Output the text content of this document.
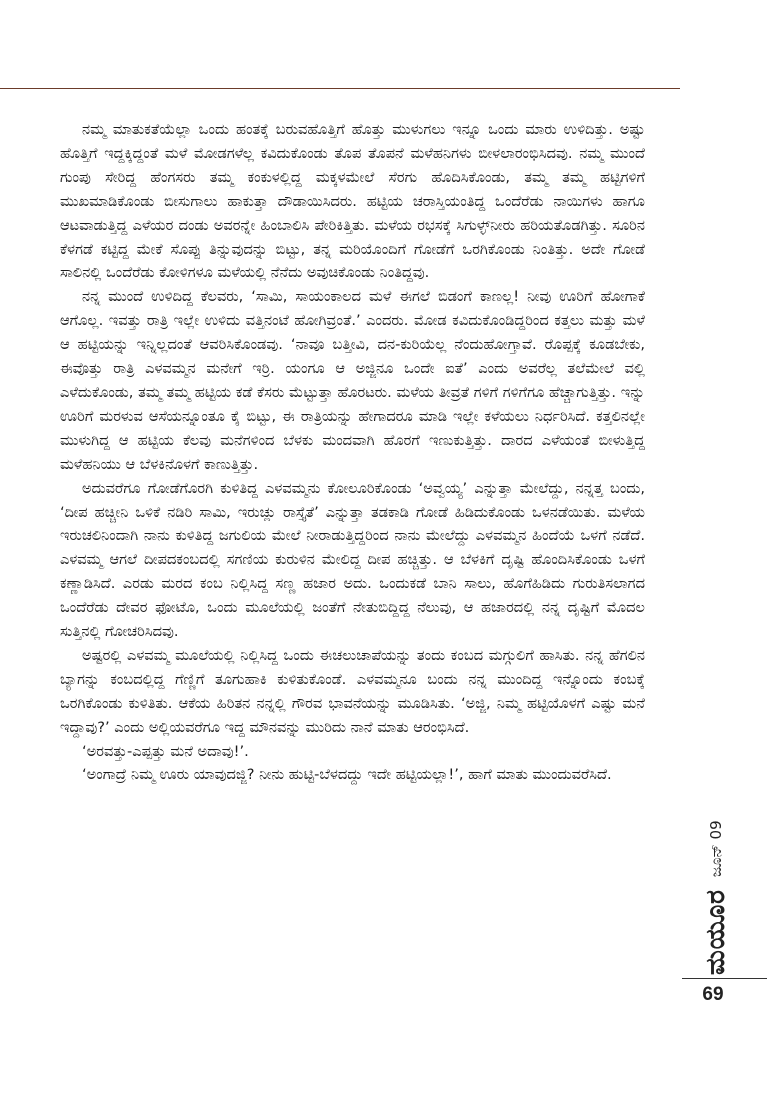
ನಮ್ಮ ಮಾತುಕತೆಯೆಲ್ಲಾ ಒಂದು ಹಂತಕ್ಕೆ ಬರುವಹೊತ್ತಿಗೆ ಹೊತ್ತು ಮುಳುಗಲು ಇನ್ನೂ ಒಂದು ಮಾರು ಉಳಿದಿತ್ತು. ಅಷ್ಟು ಹೊತ್ತಿಗೆ ಇದ್ದಕ್ಕಿದ್ದಂತೆ ಮಳೆ ಮೋಡಗಳೆಲ್ಲ ಕವಿದುಕೊಂಡು ತೊಪ ತೊಪನೆ ಮಳೆಹನಿಗಳು ಬೀಳಲಾರಂಭಿಸಿದವು. ನಮ್ಮ ಮುಂದೆ ಗುಂಪು ಸೇರಿದ್ದ ಹೆಂಗಸರು ತಮ್ಮ ಕಂಕುಳಲ್ಲಿದ್ದ ಮಕ್ಕಳಮೇಲೆ ಸೆರಗು ಹೊದಿಸಿಕೊಂಡು, ತಮ್ಮ ತಮ್ಮ ಹಟ್ಟಿಗಳಿಗೆ ಮುಖಮಾಡಿಕೊಂಡು ಬೀಸುಗಾಲು ಹಾಕುತ್ತಾ ದೌಡಾಯಿಸಿದರು. ಹಟ್ಟಿಯ ಚರಾಸ್ತಿಯಂತಿದ್ದ ಒಂದೆರೆಡು ನಾಯಿಗಳು ಹಾಗೂ ಆಟವಾಡುತ್ತಿದ್ದ ಎಳೆಯರ ದಂಡು ಅವರನ್ನೇ ಹಿಂಬಾಲಿಸಿ ಪೇರಿಕಿತ್ತಿತು. ಮಳೆಯ ರಭಸಕ್ಕೆ ಸಿಗುಳ್ಳ್‌ನೀರು ಹರಿಯತೊಡಗಿತ್ತು. ಸೂರಿನ ಕೆಳಗಡೆ ಕಟ್ಟಿದ್ದ ಮೇಕೆ ಸೊಪ್ಪು ತಿನ್ನುವುದನ್ನು ಬಿಟ್ಟು, ತನ್ನ ಮರಿಯೊಂದಿಗೆ ಗೋಡೆಗೆ ಒರಗಿಕೊಂಡು ನಿಂತಿತ್ತು. ಅದೇ ಗೋಡೆ ಸಾಲಿನಲ್ಲಿ ಒಂದೆರೆಡು ಕೋಳಿಗಳೂ ಮಳೆಯಲ್ಲಿ ನೆನೆದು ಅವುಚಿಕೊಂಡು ನಿಂತಿದ್ದವು.

ನನ್ನ ಮುಂದೆ ಉಳಿದಿದ್ದ ಕೆಲವರು, ‘ಸಾಮಿ, ಸಾಯಂಕಾಲದ ಮಳೆ ಈಗಲೆ ಬಿಡಂಗೆ ಕಾಣಲ್ಲ! ನೀವು ಊರಿಗೆ ಹೋಗಾಕೆ ಆಗೊಲ್ಲ. ಇವತ್ತು ರಾತ್ರಿ ಇಲ್ಲೇ ಉಳಿದು ವತ್ತಿನಂಟೆ ಹೋಗಿವ್ರಂತೆ.’ ಎಂದರು. ಮೋಡ ಕವಿದುಕೊಂಡಿದ್ದರಿಂದ ಕತ್ತಲು ಮತ್ತು ಮಳೆ ಆ ಹಟ್ಟಿಯನ್ನು ಇನ್ನಿಲ್ಲದಂತೆ ಆವರಿಸಿಕೊಂಡವು. ‘ನಾವೂ ಬತ್ತೀವಿ, ದನ-ಕುರಿಯೆಲ್ಲ ನೆಂದುಹೋಗ್ತಾವೆ. ರೊಪ್ಪಕ್ಕೆ ಕೂಡಬೇಕು, ಈವೊತ್ತು ರಾತ್ರಿ ಎಳವಮ್ಮನ ಮನೇಗೆ ಇರ್ರಿ. ಯಂಗೂ ಆ ಅಜ್ಜಿನೂ ಒಂದೇ ಐತೆ’ ಎಂದು ಅವರೆಲ್ಲ ತಲೆಮೇಲೆ ವಲ್ಲಿ ಎಳೆದುಕೊಂಡು, ತಮ್ಮ ತಮ್ಮ ಹಟ್ಟಿಯ ಕಡೆ ಕೆಸರು ಮೆಟ್ಟುತ್ತಾ ಹೊರಟರು. ಮಳೆಯ ತೀವ್ರತೆ ಗಳಿಗೆ ಗಳಿಗೆಗೂ ಹೆಚ್ಚಾಗುತ್ತಿತ್ತು. ಇನ್ನು ಊರಿಗೆ ಮರಳುವ ಆಸೆಯನ್ನೂಂತೂ ಕೈ ಬಿಟ್ಟು, ಈ ರಾತ್ರಿಯನ್ನು ಹೇಗಾದರೂ ಮಾಡಿ ಇಲ್ಲೇ ಕಳೆಯಲು ನಿರ್ಧರಿಸಿದೆ. ಕತ್ತಲಿನಲ್ಲೇ ಮುಳುಗಿದ್ದ ಆ ಹಟ್ಟಿಯ ಕೆಲವು ಮನೆಗಳಿಂದ ಬೆಳಕು ಮಂದವಾಗಿ ಹೊರಗೆ ಇಣುಕುತ್ತಿತ್ತು. ದಾರದ ಎಳೆಯಂತೆ ಬೀಳುತ್ತಿದ್ದ ಮಳೆಹನಿಯು ಆ ಬೆಳಕಿನೊಳಗೆ ಕಾಣುತ್ತಿತ್ತು.

ಅದುವರೆಗೂ ಗೋಡೆಗೊರಗಿ ಕುಳಿತಿದ್ದ ಎಳವಮ್ಮನು ಕೋಲೂರಿಕೊಂಡು ‘ಅವ್ವಯ್ಯ’ ಎನ್ನುತ್ತಾ ಮೇಲೆದ್ದು, ನನ್ನತ್ತ ಬಂದು, ‘ದೀಪ ಹಚ್ಚೀನಿ ಒಳಿಕೆ ನಡಿರಿ ಸಾಮಿ, ಇರುಚ್ಲು ರಾಸ್ತೈತೆ’ ಎನ್ನುತ್ತಾ ತಡಕಾಡಿ ಗೋಡೆ ಹಿಡಿದುಕೊಂಡು ಒಳನಡೆಯಿತು. ಮಳೆಯ ಇರುಚಲಿನಿಂದಾಗಿ ನಾನು ಕುಳಿತಿದ್ದ ಜಗುಲಿಯ ಮೇಲೆ ನೀರಾಡುತ್ತಿದ್ದರಿಂದ ನಾನು ಮೇಲೆದ್ದು ಎಳವಮ್ಮನ ಹಿಂದೆಯೆ ಒಳಗೆ ನಡೆದೆ. ಎಳವಮ್ಮ ಆಗಲೆ ದೀಪದಕಂಬದಲ್ಲಿ ಸಗಣಿಯ ಕುರುಳಿನ ಮೇಲಿದ್ದ ದೀಪ ಹಚ್ಚಿತ್ತು. ಆ ಬೆಳಕಿಗೆ ದೃಷ್ಟಿ ಹೊಂದಿಸಿಕೊಂಡು ಒಳಗೆ ಕಣ್ಣಾಡಿಸಿದೆ. ಎರಡು ಮರದ ಕಂಬ ನಿಲ್ಲಿಸಿದ್ದ ಸಣ್ಣ ಹಜಾರ ಅದು. ಒಂದುಕಡೆ ಬಾನಿ ಸಾಲು, ಹೊಗೆಹಿಡಿದು ಗುರುತಿಸಲಾಗದ ಒಂದೆರೆಡು ದೇವರ ಫೋಟೊ, ಒಂದು ಮೂಲೆಯಲ್ಲಿ ಜಂತೆಗೆ ನೇತುಬಿದ್ದಿದ್ದ ನೆಲುವು, ಆ ಹಜಾರದಲ್ಲಿ ನನ್ನ ದೃಷ್ಟಿಗೆ ಮೊದಲ ಸುತ್ತಿನಲ್ಲಿ ಗೋಚರಿಸಿದವು.

ಅಷ್ಟರಲ್ಲಿ ಎಳವಮ್ಮ ಮೂಲೆಯಲ್ಲಿ ನಿಲ್ಲಿಸಿದ್ದ ಒಂದು ಈಚಲುಚಾಪೆಯನ್ನು ತಂದು ಕಂಬದ ಮಗ್ಗುಲಿಗೆ ಹಾಸಿತು. ನನ್ನ ಹೆಗಲಿನ ಬ್ಯಾಗನ್ನು ಕಂಬದಲ್ಲಿದ್ದ ಗೆಣ್ಣಿಗೆ ತೂಗುಹಾಕಿ ಕುಳಿತುಕೊಂಡೆ. ಎಳವಮ್ಮನೂ ಬಂದು ನನ್ನ ಮುಂದಿದ್ದ ಇನ್ನೊಂದು ಕಂಬಕ್ಕೆ ಒರಗಿಕೊಂಡು ಕುಳಿತಿತು. ಆಕೆಯ ಹಿರಿತನ ನನ್ನಲ್ಲಿ ಗೌರವ ಭಾವನೆಯನ್ನು ಮೂಡಿಸಿತು. ‘ಅಜ್ಜಿ, ನಿಮ್ಮ ಹಟ್ಟಿಯೊಳಗೆ ಎಷ್ಟು ಮನೆ ಇದ್ದಾವು?’ ಎಂದು ಅಲ್ಲಿಯವರೆಗೂ ಇದ್ದ ಮೌನವನ್ನು ಮುರಿದು ನಾನೆ ಮಾತು ಆರಂಭಿಸಿದೆ.

‘ಅರವತ್ತು-ಎಪ್ಪತ್ತು ಮನೆ ಅದಾವು!’.

‘ಅಂಗಾದ್ರೆ ನಿಮ್ಮ ಊರು ಯಾವುದಜ್ಜಿ? ನೀನು ಹುಟ್ಟಿ-ಬೆಳದದ್ದು ಇದೇ ಹಟ್ಟಿಯಲ್ಲಾ!’, ಹಾಗೆ ಮಾತು ಮುಂದುವರೆಸಿದೆ.

ಮಯೂರ
ಜೂನ್ 09
69
